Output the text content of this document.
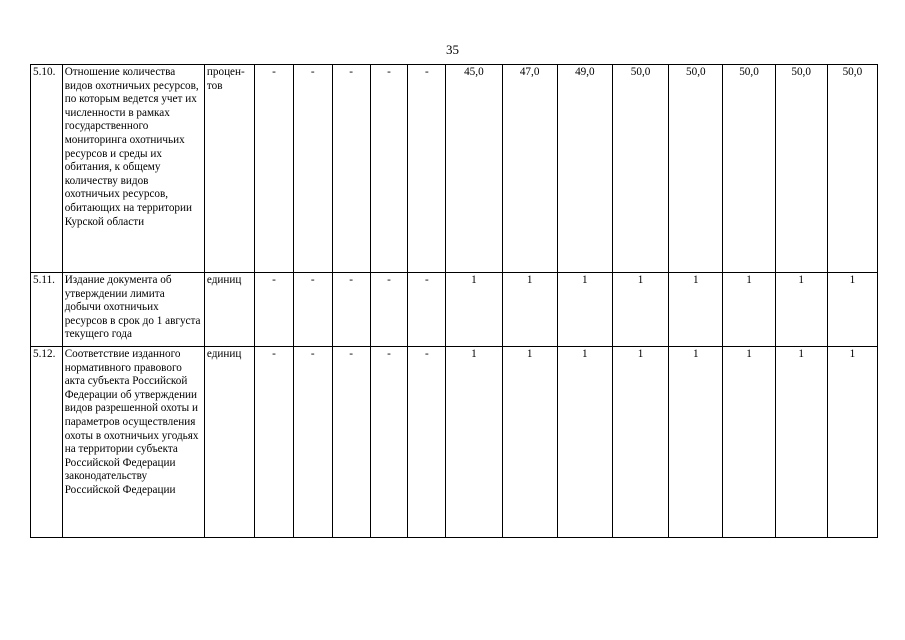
35
5.10.	Отношение количества видов охотничьих ресурсов, по которым ведется учет их численности в рамках государственного мониторинга охотничьих ресурсов и среды их обитания, к общему количеству видов охотничьих ресурсов, обитающих на территории Курской области	процен-тов	-	-	-	-	-	45,0	47,0	49,0	50,0	50,0	50,0	50,0	50,0
5.11.	Издание документа об утверждении лимита добычи охотничьих ресурсов в срок до 1 августа текущего года	единиц	-	-	-	-	-	1	1	1	1	1	1	1	1
5.12.	Соответствие изданного нормативного правового акта субъекта Российской Федерации об утверждении видов разрешенной охоты и параметров осуществления охоты в охотничьих угодьях на территории субъекта Российской Федерации законодательству Российской Федерации	единиц	-	-	-	-	-	1	1	1	1	1	1	1	1
